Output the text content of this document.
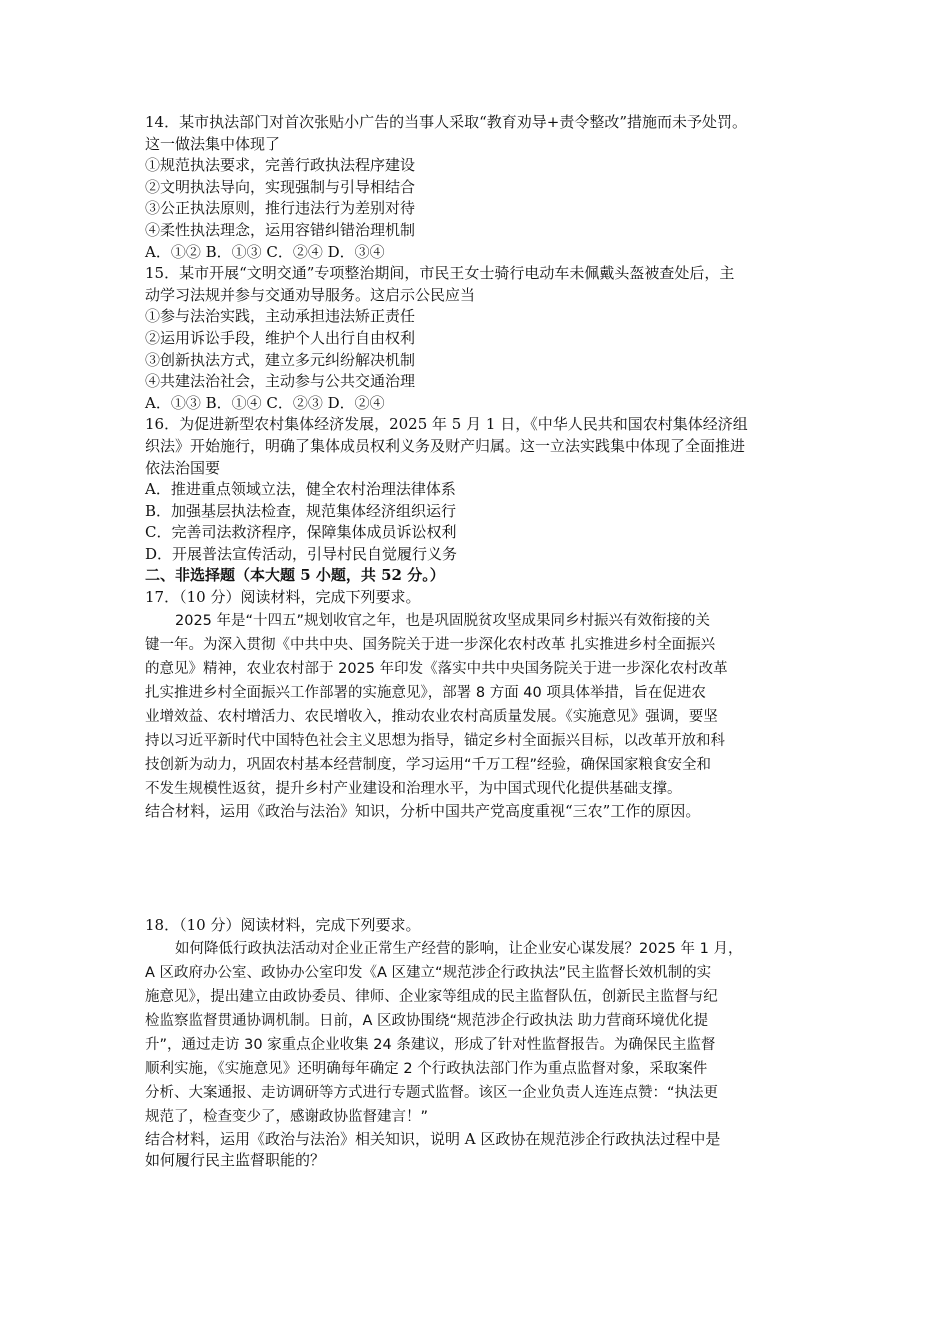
14．某市执法部门对首次张贴小广告的当事人采取“教育劝导+责令整改”措施而未予处罚。
这一做法集中体现了
①规范执法要求，完善行政执法程序建设
②文明执法导向，实现强制与引导相结合
③公正执法原则，推行违法行为差别对待
④柔性执法理念，运用容错纠错治理机制
A．①② B．①③ C．②④ D．③④
15．某市开展“文明交通”专项整治期间，市民王女士骑行电动车未佩戴头盔被查处后，主
动学习法规并参与交通劝导服务。这启示公民应当
①参与法治实践，主动承担违法矫正责任
②运用诉讼手段，维护个人出行自由权利
③创新执法方式，建立多元纠纷解决机制
④共建法治社会，主动参与公共交通治理
A．①③ B．①④ C．②③ D．②④
16．为促进新型农村集体经济发展，2025 年 5 月 1 日，《中华人民共和国农村集体经济组
织法》开始施行，明确了集体成员权利义务及财产归属。这一立法实践集中体现了全面推进
依法治国要
A．推进重点领域立法，健全农村治理法律体系
B．加强基层执法检查，规范集体经济组织运行
C．完善司法救济程序，保障集体成员诉讼权利
D．开展普法宣传活动，引导村民自觉履行义务
二、非选择题（本大题 5 小题，共 52 分。）
17．（10 分）阅读材料，完成下列要求。
2025 年是“十四五”规划收官之年，也是巩固脱贫攻坚成果同乡村振兴有效衔接的关
键一年。为深入贯彻《中共中央、国务院关于进一步深化农村改革 扎实推进乡村全面振兴
的意见》精神，农业农村部于 2025 年印发《落实中共中央国务院关于进一步深化农村改革
扎实推进乡村全面振兴工作部署的实施意见》，部署 8 方面 40 项具体举措，旨在促进农
业增效益、农村增活力、农民增收入，推动农业农村高质量发展。《实施意见》强调，要坚
持以习近平新时代中国特色社会主义思想为指导，锚定乡村全面振兴目标，以改革开放和科
技创新为动力，巩固农村基本经营制度，学习运用“千万工程”经验，确保国家粮食安全和
不发生规模性返贫，提升乡村产业建设和治理水平，为中国式现代化提供基础支撑。
结合材料，运用《政治与法治》知识，分析中国共产党高度重视“三农”工作的原因。
18．（10 分）阅读材料，完成下列要求。
如何降低行政执法活动对企业正常生产经营的影响，让企业安心谋发展？2025 年 1 月，
A 区政府办公室、政协办公室印发《A 区建立“规范涉企行政执法”民主监督长效机制的实
施意见》，提出建立由政协委员、律师、企业家等组成的民主监督队伍，创新民主监督与纪
检监察监督贯通协调机制。日前，A 区政协围绕“规范涉企行政执法 助力营商环境优化提
升”，通过走访 30 家重点企业收集 24 条建议，形成了针对性监督报告。为确保民主监督
顺利实施，《实施意见》还明确每年确定 2 个行政执法部门作为重点监督对象，采取案件
分析、大案通报、走访调研等方式进行专题式监督。该区一企业负责人连连点赞：“执法更
规范了，检查变少了，感谢政协监督建言！”
结合材料，运用《政治与法治》相关知识，说明 A 区政协在规范涉企行政执法过程中是
如何履行民主监督职能的？
